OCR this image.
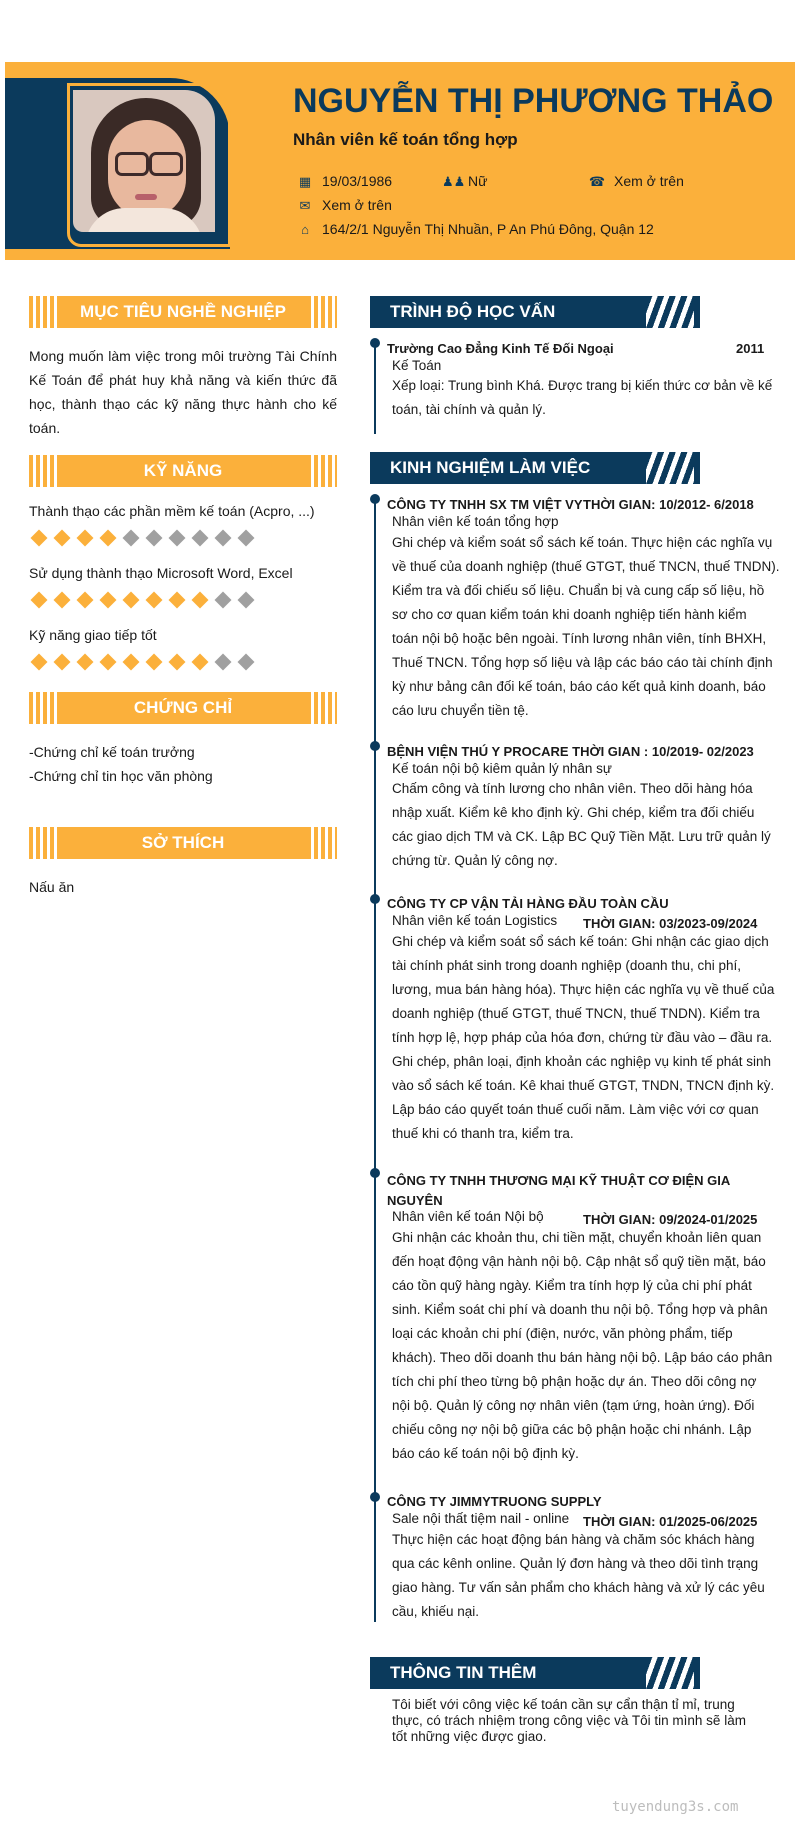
NGUYỄN THỊ PHƯƠNG THẢO
Nhân viên kế toán tổng hợp
▦ 19/03/1986	♟♟ Nữ	☎ Xem ở trên
✉ Xem ở trên
⌂ 164/2/1 Nguyễn Thị Nhuần, P An Phú Đông, Quận 12
MỤC TIÊU NGHỀ NGHIỆP
Mong muốn làm việc trong môi trường Tài Chính Kế Toán để phát huy khả năng và kiến thức đã học, thành thạo các kỹ năng thực hành cho kế toán.
KỸ NĂNG
Thành thạo các phần mềm kế toán (Acpro, ...)
Sử dụng thành thạo Microsoft Word, Excel
Kỹ năng giao tiếp tốt
CHỨNG CHỈ
-Chứng chỉ kế toán trưởng
-Chứng chỉ tin học văn phòng
SỞ THÍCH
Nấu ăn
TRÌNH ĐỘ HỌC VẤN
Trường Cao Đẳng Kinh Tế Đối Ngoại	2011
Kế Toán
Xếp loại: Trung bình Khá. Được trang bị kiến thức cơ bản về kế toán, tài chính và quản lý.
KINH NGHIỆM LÀM VIỆC
CÔNG TY TNHH SX TM VIỆT VY THỜI GIAN: 10/2012- 6/2018
Nhân viên kế toán tổng hợp
Ghi chép và kiểm soát sổ sách kế toán. Thực hiện các nghĩa vụ
về thuế của doanh nghiệp (thuế GTGT, thuế TNCN, thuế TNDN).
Kiểm tra và đối chiếu số liệu. Chuẩn bị và cung cấp số liệu, hồ
sơ cho cơ quan kiểm toán khi doanh nghiệp tiến hành kiểm
toán nội bộ hoặc bên ngoài. Tính lương nhân viên, tính BHXH,
Thuế TNCN. Tổng hợp số liệu và lập các báo cáo tài chính định
kỳ như bảng cân đối kế toán, báo cáo kết quả kinh doanh, báo
cáo lưu chuyển tiền tệ.
BỆNH VIỆN THÚ Y PROCARE THỜI GIAN : 10/2019- 02/2023
Kế toán nội bộ kiêm quản lý nhân sự
Chấm công và tính lương cho nhân viên. Theo dõi hàng hóa
nhập xuất. Kiểm kê kho định kỳ. Ghi chép, kiểm tra đối chiếu
các giao dịch TM và CK. Lập BC Quỹ Tiền Mặt. Lưu trữ quản lý
chứng từ. Quản lý công nợ.
CÔNG TY CP VẬN TẢI HÀNG ĐẦU TOÀN CẦU
THỜI GIAN: 03/2023-09/2024
Nhân viên kế toán Logistics
Ghi chép và kiểm soát sổ sách kế toán: Ghi nhận các giao dịch
tài chính phát sinh trong doanh nghiệp (doanh thu, chi phí,
lương, mua bán hàng hóa). Thực hiện các nghĩa vụ về thuế của
doanh nghiệp (thuế GTGT, thuế TNCN, thuế TNDN). Kiểm tra
tính hợp lệ, hợp pháp của hóa đơn, chứng từ đầu vào – đầu ra.
Ghi chép, phân loại, định khoản các nghiệp vụ kinh tế phát sinh
vào sổ sách kế toán. Kê khai thuế GTGT, TNDN, TNCN định kỳ.
Lập báo cáo quyết toán thuế cuối năm. Làm việc với cơ quan
thuế khi có thanh tra, kiểm tra.
CÔNG TY TNHH THƯƠNG MẠI KỸ THUẬT CƠ ĐIỆN GIA NGUYÊN
THỜI GIAN: 09/2024-01/2025
Nhân viên kế toán Nội bộ
Ghi nhận các khoản thu, chi tiền mặt, chuyển khoản liên quan
đến hoạt động vận hành nội bộ. Cập nhật sổ quỹ tiền mặt, báo
cáo tồn quỹ hàng ngày. Kiểm tra tính hợp lý của chi phí phát
sinh. Kiểm soát chi phí và doanh thu nội bộ. Tổng hợp và phân
loại các khoản chi phí (điện, nước, văn phòng phẩm, tiếp
khách). Theo dõi doanh thu bán hàng nội bộ. Lập báo cáo phân
tích chi phí theo từng bộ phận hoặc dự án. Theo dõi công nợ
nội bộ. Quản lý công nợ nhân viên (tạm ứng, hoàn ứng). Đối
chiếu công nợ nội bộ giữa các bộ phận hoặc chi nhánh. Lập
báo cáo kế toán nội bộ định kỳ.
CÔNG TY JIMMYTRUONG SUPPLY
THỜI GIAN: 01/2025-06/2025
Sale nội thất tiệm nail - online
Thực hiện các hoạt động bán hàng và chăm sóc khách hàng
qua các kênh online. Quản lý đơn hàng và theo dõi tình trạng
giao hàng. Tư vấn sản phẩm cho khách hàng và xử lý các yêu
cầu, khiếu nại.
THÔNG TIN THÊM
Tôi biết với công việc kế toán cần sự cẩn thận tỉ mỉ, trung thực, có trách nhiệm trong công việc và Tôi tin mình sẽ làm tốt những việc được giao.
tuyendung3s.com
